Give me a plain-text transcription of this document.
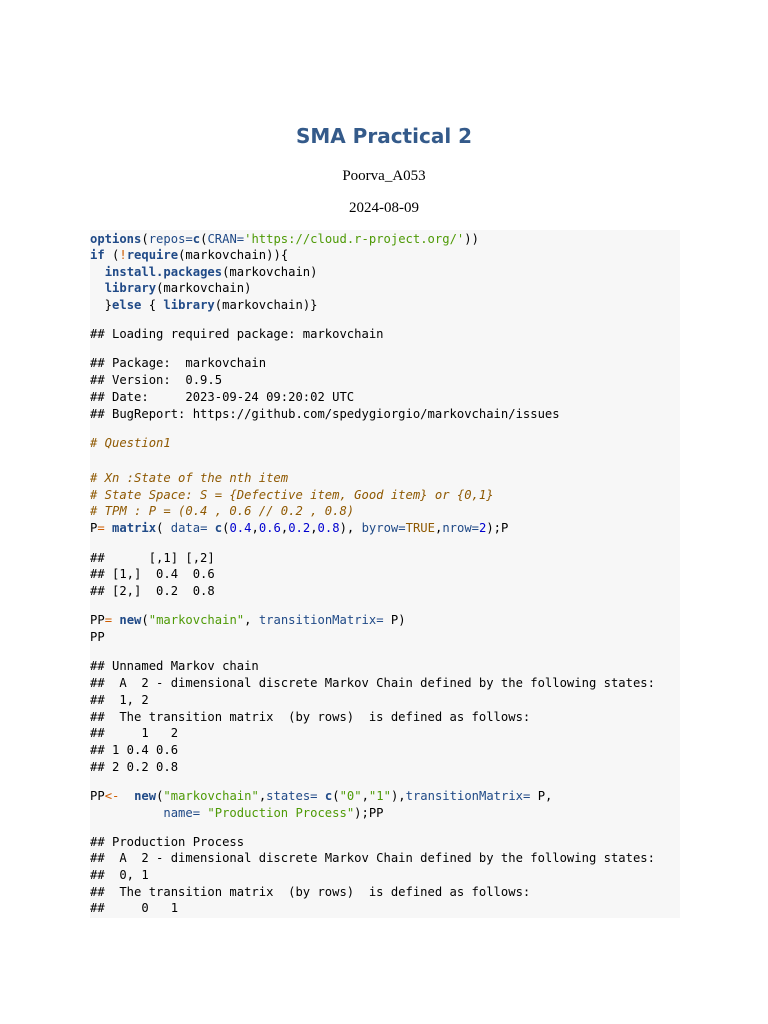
SMA Practical 2
Poorva_A053
2024-08-09
options(repos=c(CRAN='https://cloud.r-project.org/'))
if (!require(markovchain)){
install.packages(markovchain)
library(markovchain)
}else { library(markovchain)}
## Loading required package: markovchain
## Package:  markovchain
## Version:  0.9.5
## Date:     2023-09-24 09:20:02 UTC
## BugReport: https://github.com/spedygiorgio/markovchain/issues
# Question1
# Xn :State of the nth item
# State Space: S = {Defective item, Good item} or {0,1}
# TPM : P = (0.4 , 0.6 // 0.2 , 0.8)
P= matrix( data= c(0.4,0.6,0.2,0.8), byrow=TRUE,nrow=2);P
##      [,1] [,2]
## [1,]  0.4  0.6
## [2,]  0.2  0.8
PP= new("markovchain", transitionMatrix= P)
PP
## Unnamed Markov chain
##  A  2 - dimensional discrete Markov Chain defined by the following states:
##  1, 2
##  The transition matrix  (by rows)  is defined as follows:
##     1   2
## 1 0.4 0.6
## 2 0.2 0.8
PP<- new("markovchain",states= c("0","1"),transitionMatrix= P,
name= "Production Process");PP
## Production Process
##  A  2 - dimensional discrete Markov Chain defined by the following states:
##  0, 1
##  The transition matrix  (by rows)  is defined as follows:
##     0   1
